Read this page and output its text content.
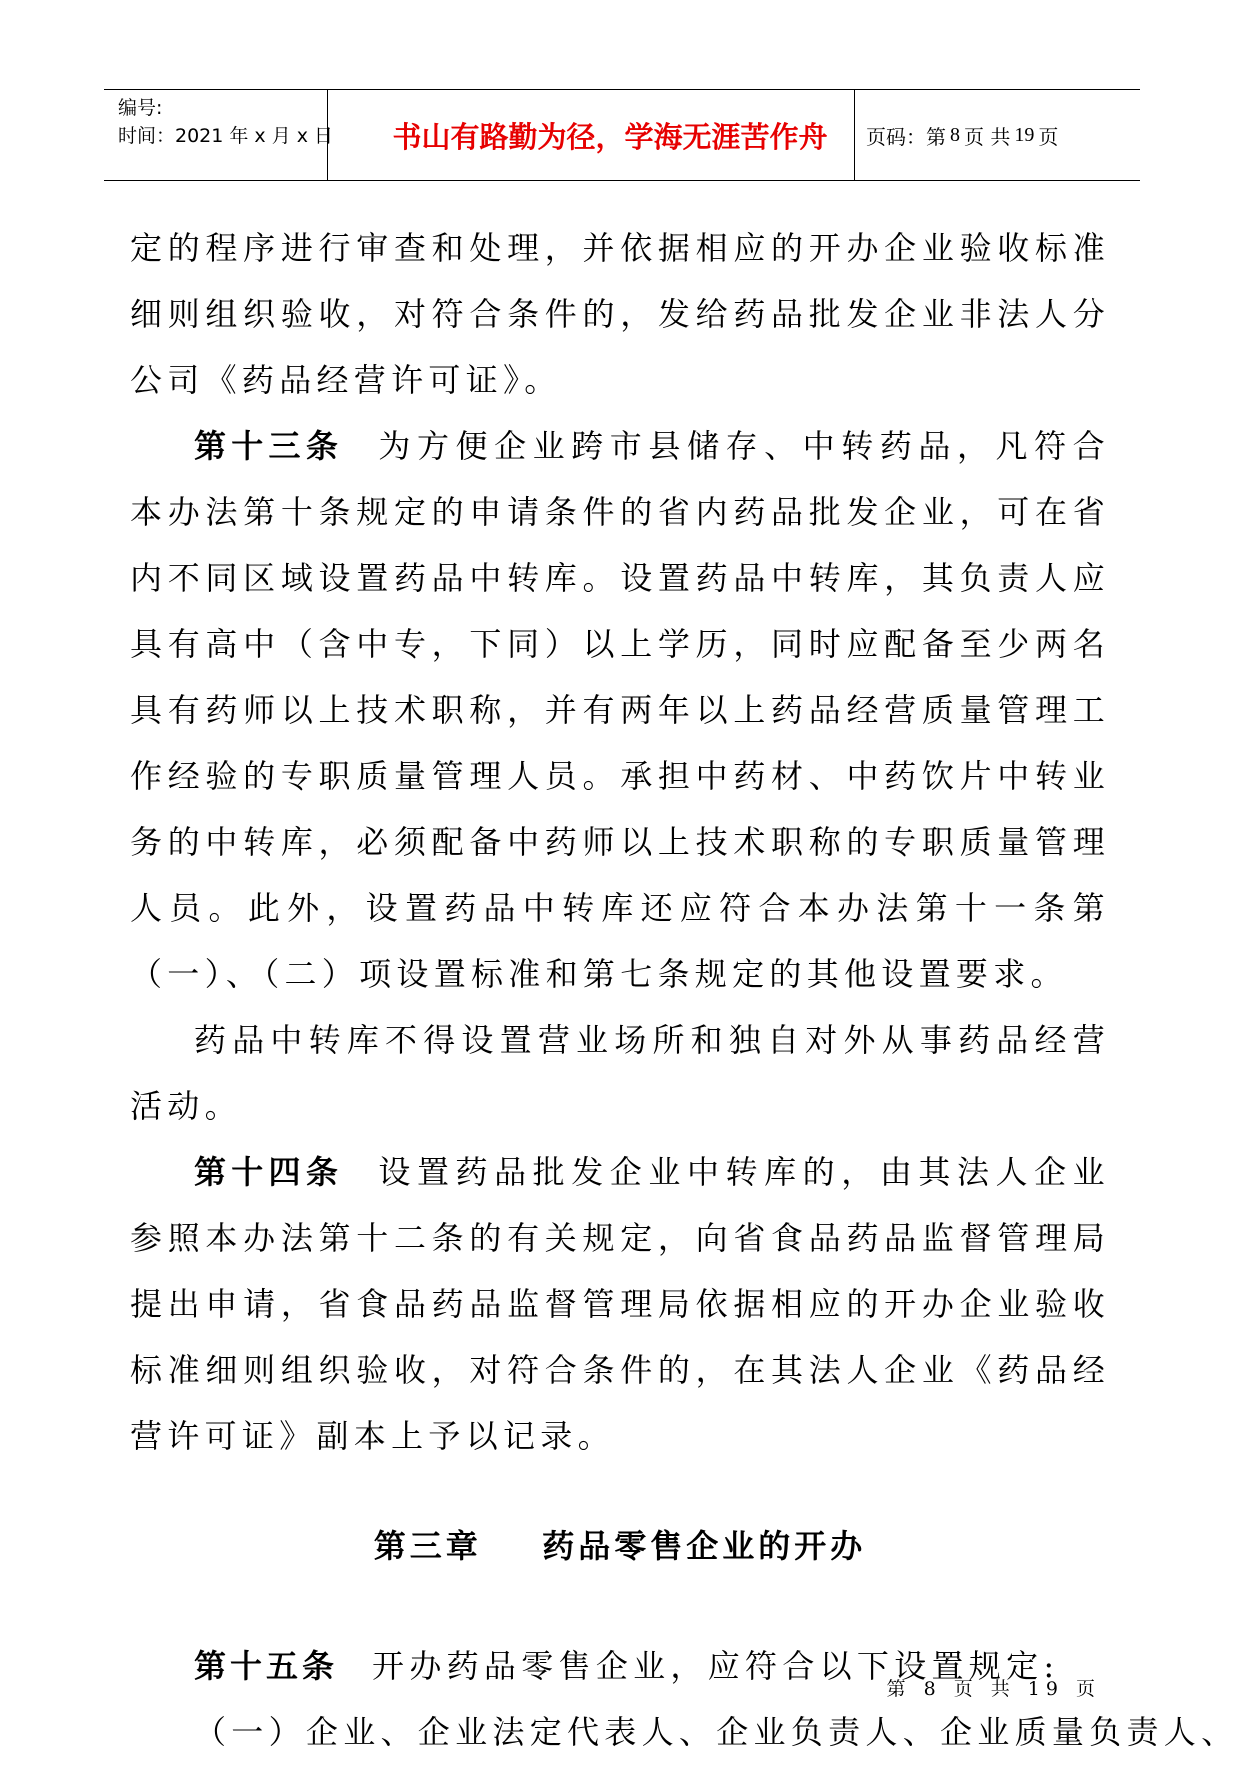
编号:
时间：2021 年 x 月 x 日	书山有路勤为径，学海无涯苦作舟	页码：第 8 页 共 19 页

定的程序进行审查和处理，并依据相应的开办企业验收标准细则组织验收，对符合条件的，发给药品批发企业非法人分公司《药品经营许可证》。

第十三条 为方便企业跨市县储存、中转药品，凡符合本办法第十条规定的申请条件的省内药品批发企业，可在省内不同区域设置药品中转库。设置药品中转库，其负责人应具有高中（含中专，下同）以上学历，同时应配备至少两名具有药师以上技术职称，并有两年以上药品经营质量管理工作经验的专职质量管理人员。承担中药材、中药饮片中转业务的中转库，必须配备中药师以上技术职称的专职质量管理人员。此外，设置药品中转库还应符合本办法第十一条第（一）、（二）项设置标准和第七条规定的其他设置要求。

药品中转库不得设置营业场所和独自对外从事药品经营活动。

第十四条 设置药品批发企业中转库的，由其法人企业参照本办法第十二条的有关规定，向省食品药品监督管理局提出申请，省食品药品监督管理局依据相应的开办企业验收标准细则组织验收，对符合条件的，在其法人企业《药品经营许可证》副本上予以记录。

第三章    药品零售企业的开办

第十五条 开办药品零售企业，应符合以下设置规定:

（一）企业、企业法定代表人、企业负责人、企业质量负责人、

第 8 页 共 19 页
